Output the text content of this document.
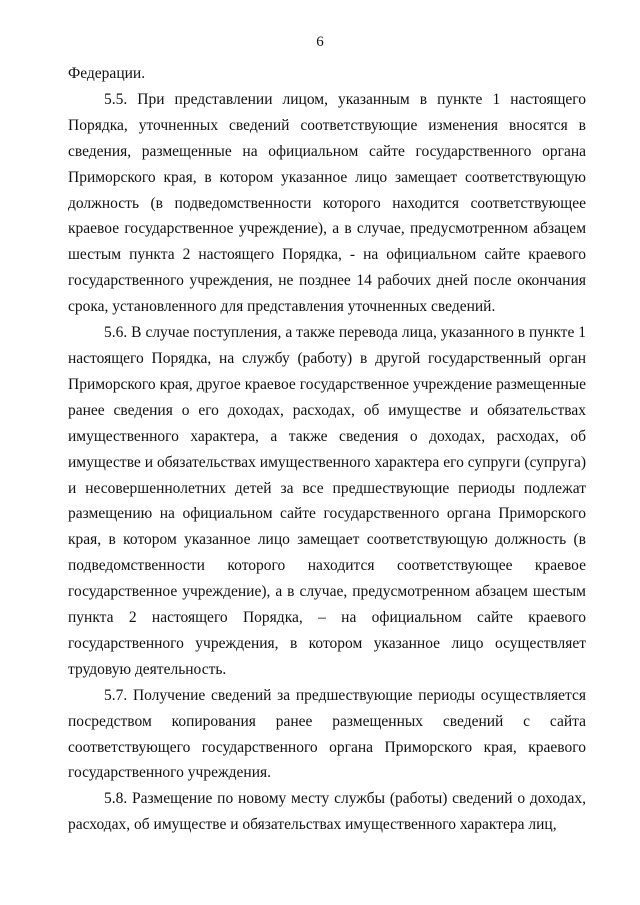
6

Федерации.

5.5. При представлении лицом, указанным в пункте 1 настоящего Порядка, уточненных сведений соответствующие изменения вносятся в сведения, размещенные на официальном сайте государственного органа Приморского края, в котором указанное лицо замещает соответствующую должность (в подведомственности которого находится соответствующее краевое государственное учреждение), а в случае, предусмотренном абзацем шестым пункта 2 настоящего Порядка, - на официальном сайте краевого государственного учреждения, не позднее 14 рабочих дней после окончания срока, установленного для представления уточненных сведений.

5.6. В случае поступления, а также перевода лица, указанного в пункте 1 настоящего Порядка, на службу (работу) в другой государственный орган Приморского края, другое краевое государственное учреждение размещенные ранее сведения о его доходах, расходах, об имуществе и обязательствах имущественного характера, а также сведения о доходах, расходах, об имуществе и обязательствах имущественного характера его супруги (супруга) и несовершеннолетних детей за все предшествующие периоды подлежат размещению на официальном сайте государственного органа Приморского края, в котором указанное лицо замещает соответствующую должность (в подведомственности которого находится соответствующее краевое государственное учреждение), а в случае, предусмотренном абзацем шестым пункта 2 настоящего Порядка, – на официальном сайте краевого государственного учреждения, в котором указанное лицо осуществляет трудовую деятельность.

5.7. Получение сведений за предшествующие периоды осуществляется посредством копирования ранее размещенных сведений с сайта соответствующего государственного органа Приморского края, краевого государственного учреждения.

5.8. Размещение по новому месту службы (работы) сведений о доходах, расходах, об имуществе и обязательствах имущественного характера лиц,
